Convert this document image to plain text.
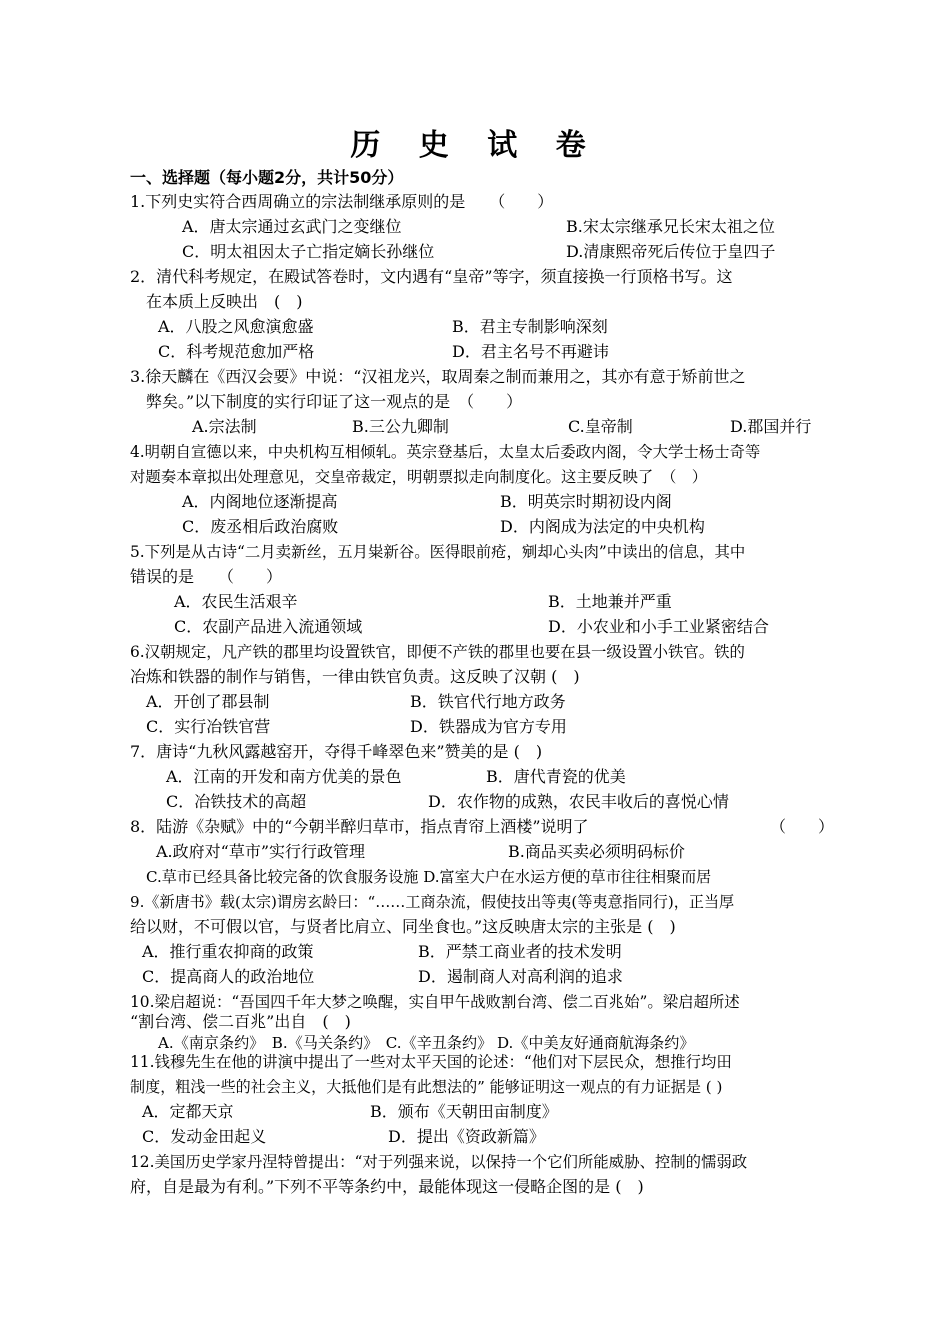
历 史 试 卷
一、选择题（每小题2分，共计50分）
1.下列史实符合西周确立的宗法制继承原则的是　　（　　）
A．唐太宗通过玄武门之变继位	B.宋太宗继承兄长宋太祖之位
C．明太祖因太子亡指定嫡长孙继位	D.清康熙帝死后传位于皇四子
2．清代科考规定，在殿试答卷时，文内遇有“皇帝”等字，须直接换一行顶格书写。这
在本质上反映出　(　)
A．八股之风愈演愈盛	B．君主专制影响深刻
C．科考规范愈加严格	D．君主名号不再避讳
3.徐天麟在《西汉会要》中说：“汉祖龙兴，取周秦之制而兼用之，其亦有意于矫前世之
弊矣。”以下制度的实行印证了这一观点的是　（　　）
A.宗法制	B.三公九卿制	C.皇帝制	D.郡国并行
4.明朝自宣德以来，中央机构互相倾轧。英宗登基后，太皇太后委政内阁，令大学士杨士奇等
对题奏本章拟出处理意见，交皇帝裁定，明朝票拟走向制度化。这主要反映了　（　）
A．内阁地位逐渐提高	B．明英宗时期初设内阁
C．废丞相后政治腐败	D．内阁成为法定的中央机构
5.下列是从古诗“二月卖新丝，五月粜新谷。医得眼前疮，剜却心头肉”中读出的信息，其中
错误的是　　（　　）
A．农民生活艰辛	B．土地兼并严重
C．农副产品进入流通领域	D．小农业和小手工业紧密结合
6.汉朝规定，凡产铁的郡里均设置铁官，即便不产铁的郡里也要在县一级设置小铁官。铁的
冶炼和铁器的制作与销售，一律由铁官负责。这反映了汉朝 (　)
A．开创了郡县制	B．铁官代行地方政务
C．实行冶铁官营	D．铁器成为官方专用
7．唐诗“九秋风露越窑开，夺得千峰翠色来”赞美的是 (　)
A．江南的开发和南方优美的景色	B．唐代青瓷的优美
C．冶铁技术的高超	D．农作物的成熟，农民丰收后的喜悦心情
8．陆游《杂赋》中的“今朝半醉归草市，指点青帘上酒楼”说明了	（　　）
A.政府对“草市”实行行政管理	B.商品买卖必须明码标价
C.草市已经具备比较完备的饮食服务设施 D.富室大户在水运方便的草市往往相聚而居
9.《新唐书》载(太宗)谓房玄龄曰：“……工商杂流，假使技出等夷(等夷意指同行)，正当厚
给以财，不可假以官，与贤者比肩立、同坐食也。”这反映唐太宗的主张是 (　)
A．推行重农抑商的政策	B．严禁工商业者的技术发明
C．提高商人的政治地位	D．遏制商人对高利润的追求
10.梁启超说：“吾国四千年大梦之唤醒，实自甲午战败割台湾、偿二百兆始”。梁启超所述
“割台湾、偿二百兆”出自　(　)
A.《南京条约》　B.《马关条约》　C.《辛丑条约》 D.《中美友好通商航海条约》
11.钱穆先生在他的讲演中提出了一些对太平天国的论述：“他们对下层民众，想推行均田
制度，粗浅一些的社会主义，大抵他们是有此想法的” 能够证明这一观点的有力证据是 ( )
A．定都天京	B．颁布《天朝田亩制度》
C．发动金田起义	D．提出《资政新篇》
12.美国历史学家丹涅特曾提出：“对于列强来说，以保持一个它们所能威胁、控制的懦弱政
府，自是最为有利。”下列不平等条约中，最能体现这一侵略企图的是 (　)
